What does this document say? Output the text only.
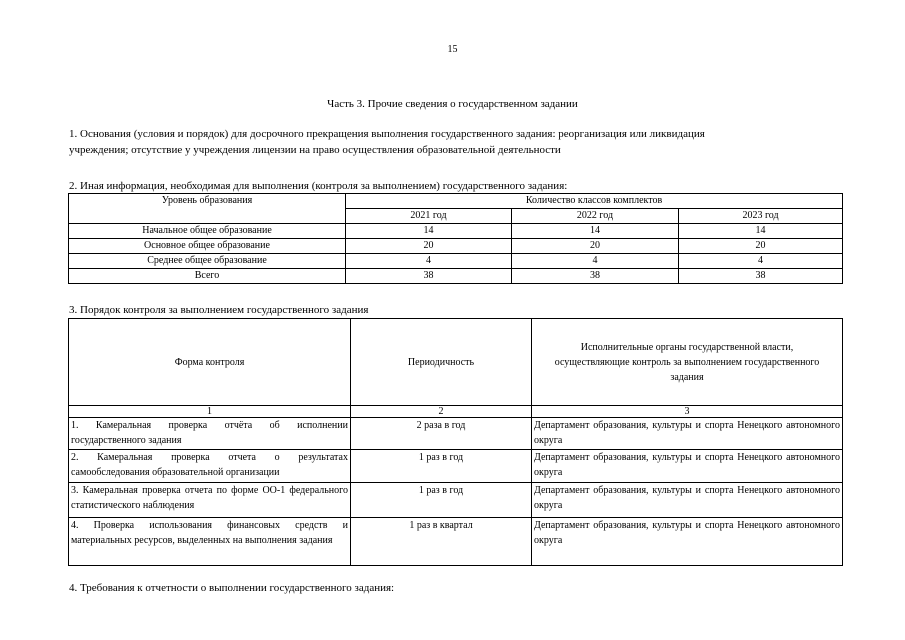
15
Часть 3. Прочие сведения о государственном задании
1. Основания (условия и порядок) для досрочного прекращения выполнения государственного задания: реорганизация или ликвидация
учреждения; отсутствие у учреждения лицензии на право осуществления образовательной деятельности
2. Иная информация, необходимая для выполнения (контроля за выполнением) государственного задания:
Уровень образования	Количество классов комплектов		
	2021 год	2022 год	2023 год
Начальное общее образование	14	14	14
Основное общее образование	20	20	20
Среднее общее образование	4	4	4
Всего	38	38	38
3. Порядок контроля за выполнением государственного задания
Форма контроля	Периодичность	Исполнительные органы государственной власти, осуществляющие контроль за выполнением государственного задания
1	2	3
1. Камеральная проверка отчёта об исполнении государственного задания	2 раза в год	Департамент образования, культуры и спорта Ненецкого автономного округа
2. Камеральная проверка отчета о результатах самообследования образовательной организации	1 раз в год	Департамент образования, культуры и спорта Ненецкого автономного округа
3. Камеральная проверка отчета по форме ОО-1 федерального статистического наблюдения	1 раз в год	Департамент образования, культуры и спорта Ненецкого автономного округа
4. Проверка использования финансовых средств и материальных ресурсов, выделенных на выполнения задания	1 раз в квартал	Департамент образования, культуры и спорта Ненецкого автономного округа
4. Требования к отчетности о выполнении государственного задания:
